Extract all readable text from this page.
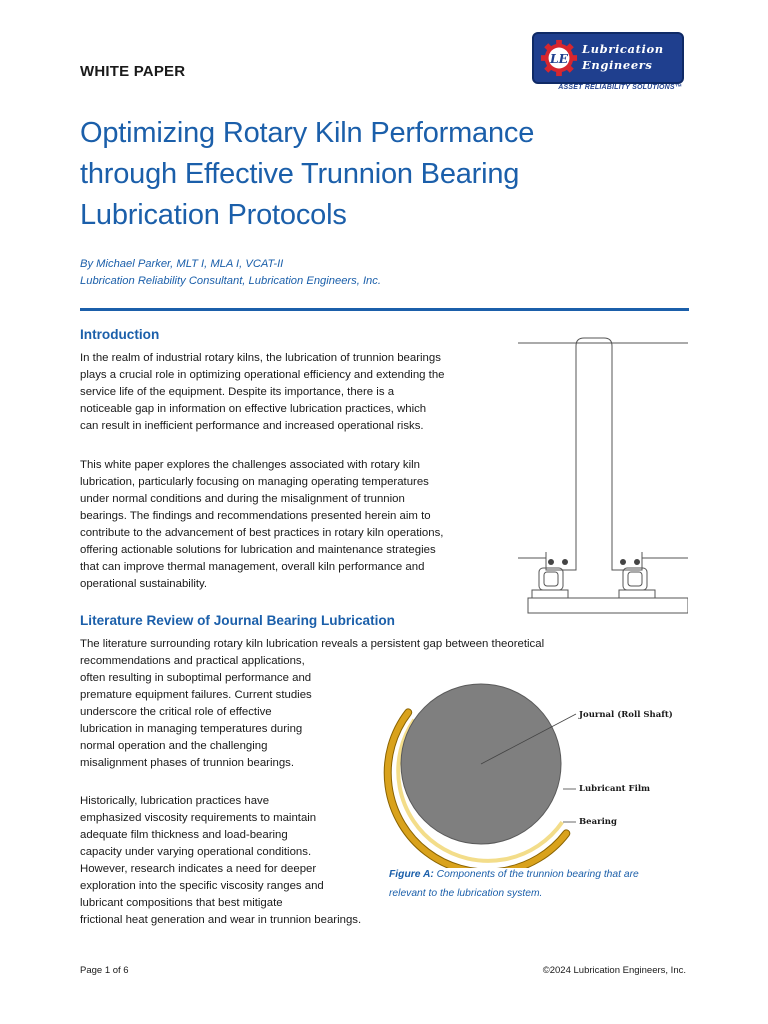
WHITE PAPER
LE
Lubrication
Engineers
ASSET RELIABILITY SOLUTIONS™
Optimizing Rotary Kiln Performance
through Effective Trunnion Bearing
Lubrication Protocols
By Michael Parker, MLT I, MLA I, VCAT-II
Lubrication Reliability Consultant, Lubrication Engineers, Inc.
Introduction
In the realm of industrial rotary kilns, the lubrication of trunnion bearings
plays a crucial role in optimizing operational efficiency and extending the
service life of the equipment. Despite its importance, there is a
noticeable gap in information on effective lubrication practices, which
can result in inefficient performance and increased operational risks.
This white paper explores the challenges associated with rotary kiln
lubrication, particularly focusing on managing operating temperatures
under normal conditions and during the misalignment of trunnion
bearings. The findings and recommendations presented herein aim to
contribute to the advancement of best practices in rotary kiln operations,
offering actionable solutions for lubrication and maintenance strategies
that can improve thermal management, overall kiln performance and
operational sustainability.
Literature Review of Journal Bearing Lubrication
The literature surrounding rotary kiln lubrication reveals a persistent gap between theoretical
recommendations and practical applications,
often resulting in suboptimal performance and
premature equipment failures. Current studies
underscore the critical role of effective
lubrication in managing temperatures during
normal operation and the challenging
misalignment phases of trunnion bearings.
Historically, lubrication practices have
emphasized viscosity requirements to maintain
adequate film thickness and load-bearing
capacity under varying operational conditions.
However, research indicates a need for deeper
exploration into the specific viscosity ranges and
lubricant compositions that best mitigate
frictional heat generation and wear in trunnion bearings.
Journal (Roll Shaft)
Lubricant Film
Bearing
Figure A: Components of the trunnion bearing that are
relevant to the lubrication system.
Page 1 of 6	©2024 Lubrication Engineers, Inc.
